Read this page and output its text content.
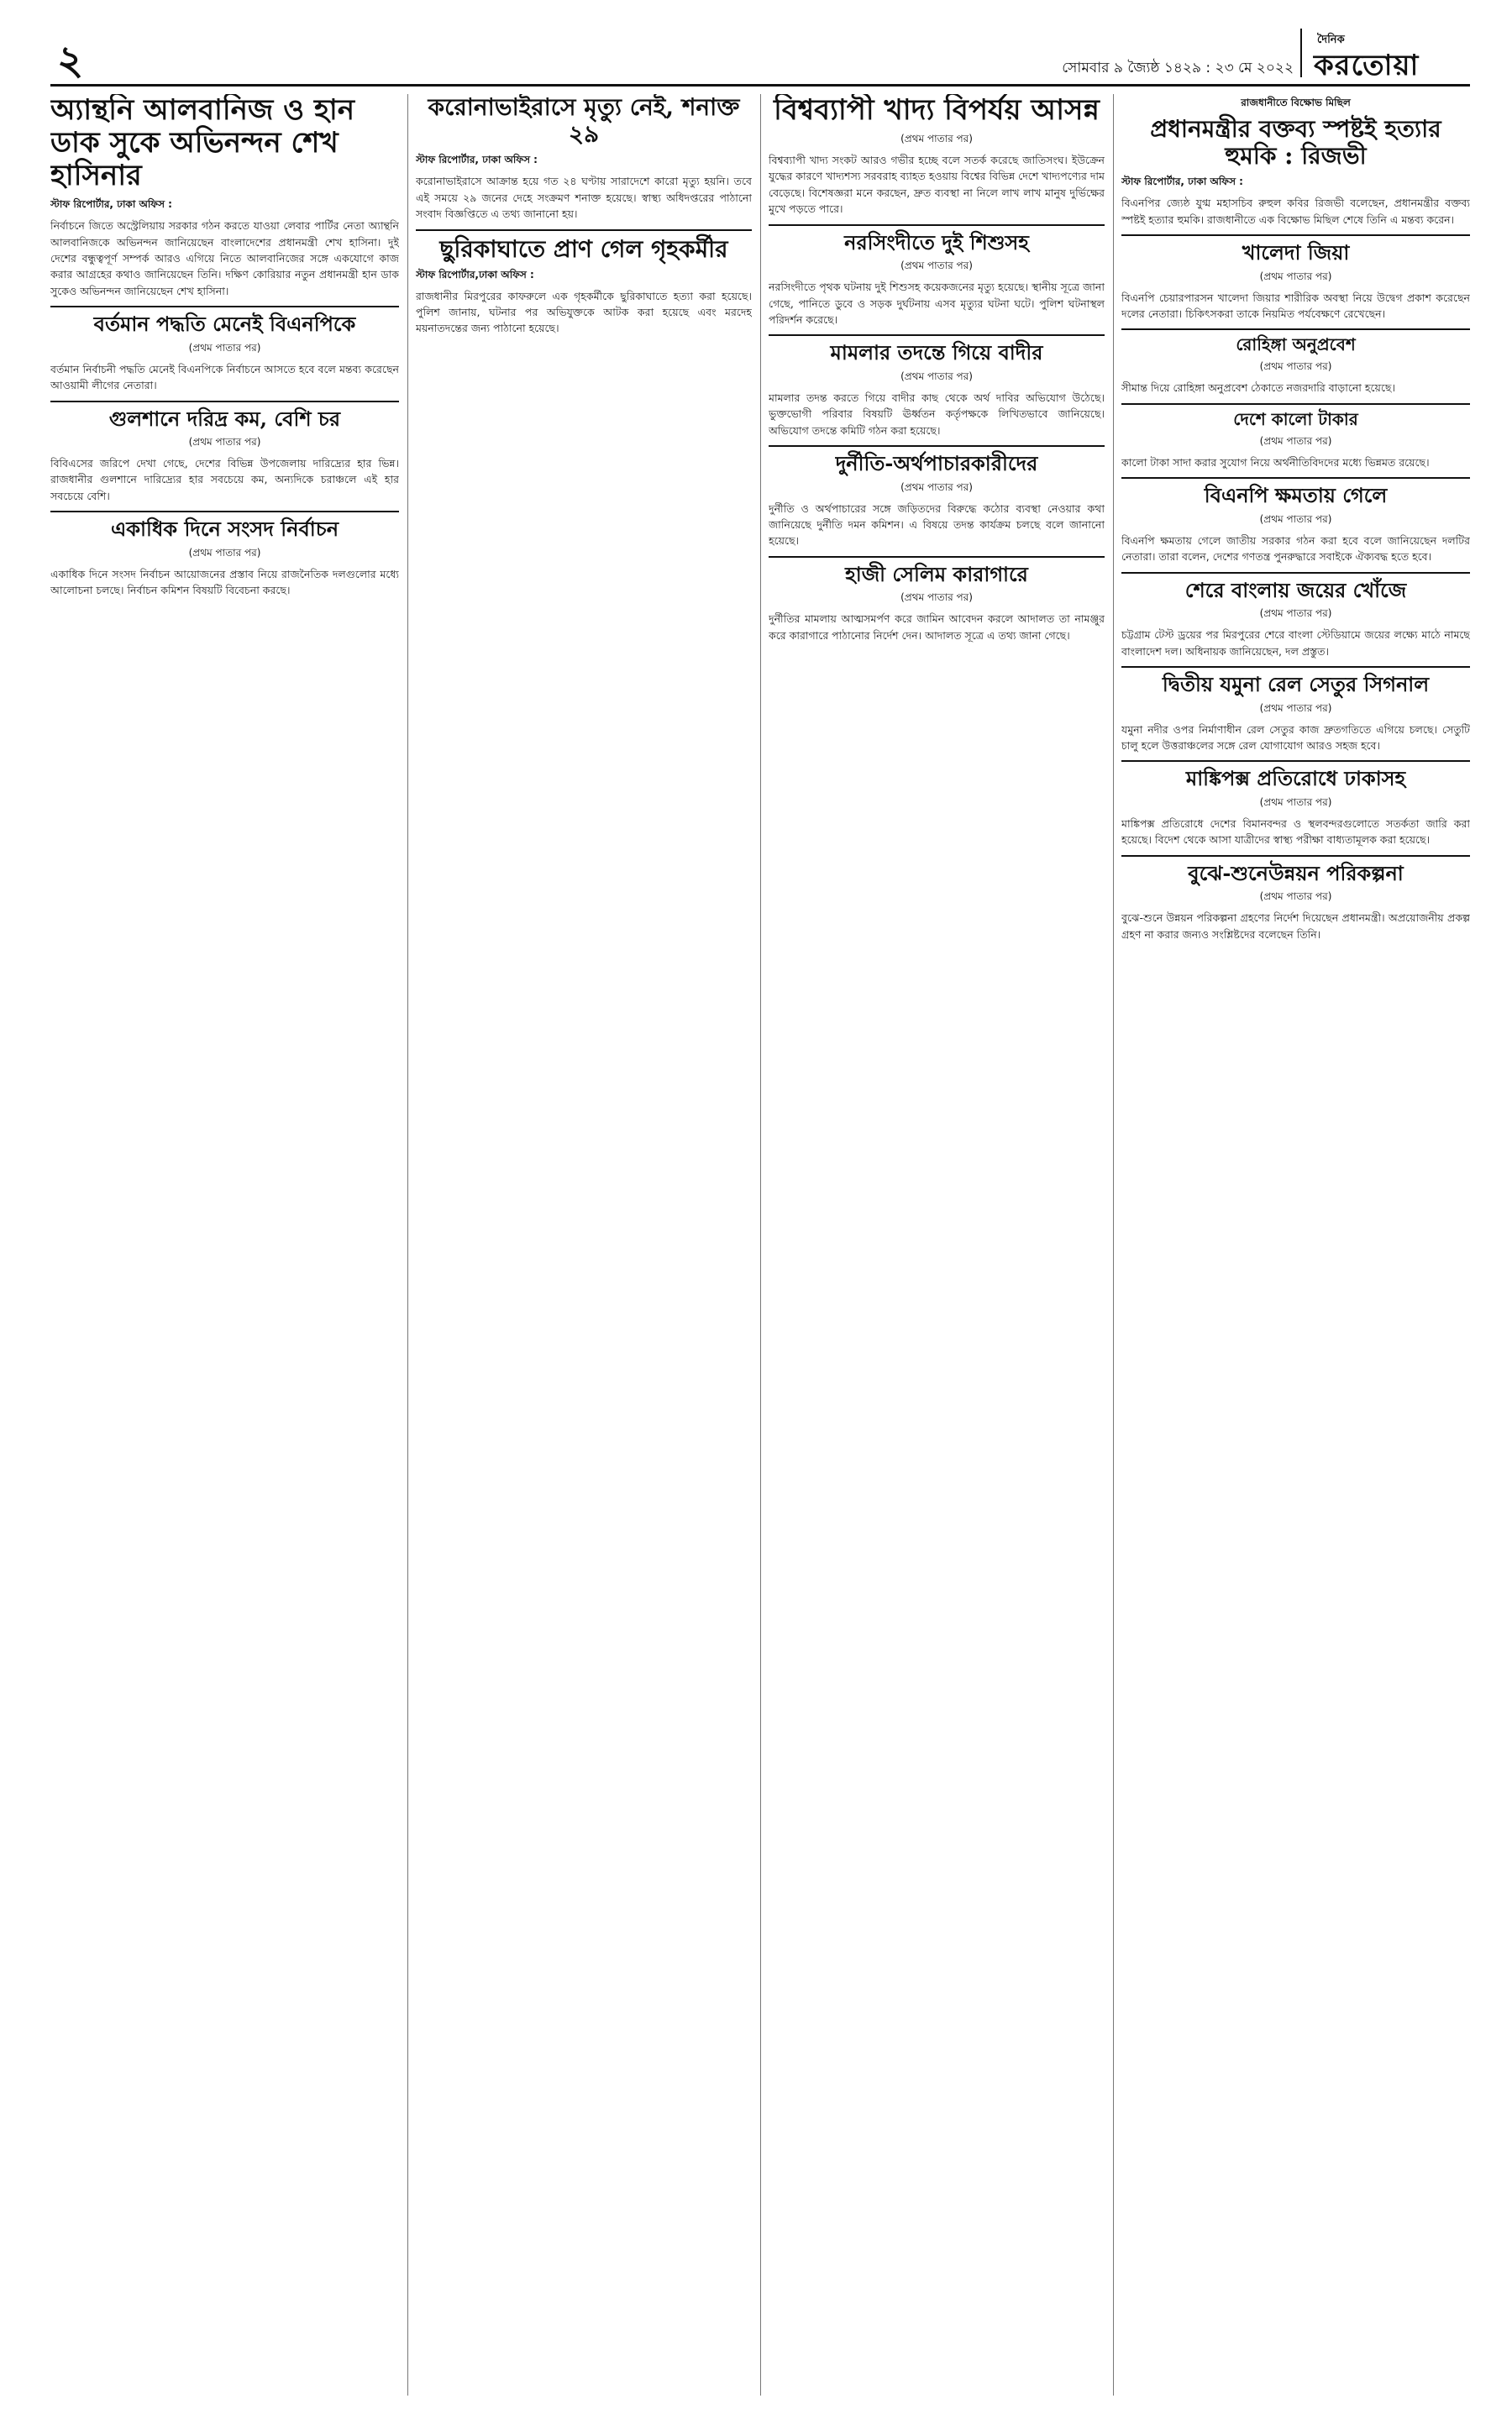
২	সোমবার ৯ জ্যৈষ্ঠ ১৪২৯ : ২৩ মে ২০২২
দৈনিক
করতোয়া
অ্যান্থনি আলবানিজ ও হান ডাক সুকে অভিনন্দন শেখ হাসিনার
স্টাফ রিপোর্টার, ঢাকা অফিস :

নির্বাচনে জিতে অস্ট্রেলিয়ায় সরকার গঠন করতে যাওয়া লেবার পার্টির নেতা অ্যান্থনি আলবানিজকে অভিনন্দন জানিয়েছেন বাংলাদেশের প্রধানমন্ত্রী শেখ হাসিনা। দুই দেশের বন্ধুত্বপূর্ণ সম্পর্ক আরও এগিয়ে নিতে আলবানিজের সঙ্গে একযোগে কাজ করার আগ্রহের কথাও জানিয়েছেন তিনি। দক্ষিণ কোরিয়ার নতুন প্রধানমন্ত্রী হান ডাক সুকেও অভিনন্দন জানিয়েছেন শেখ হাসিনা।

বর্তমান পদ্ধতি মেনেই বিএনপিকে
(প্রথম পাতার পর)

বর্তমান নির্বাচনী পদ্ধতি মেনেই বিএনপিকে নির্বাচনে আসতে হবে বলে মন্তব্য করেছেন আওয়ামী লীগের নেতারা।

গুলশানে দরিদ্র কম, বেশি চর
(প্রথম পাতার পর)

বিবিএসের জরিপে দেখা গেছে, দেশের বিভিন্ন উপজেলায় দারিদ্র্যের হার ভিন্ন। রাজধানীর গুলশানে দারিদ্র্যের হার সবচেয়ে কম, অন্যদিকে চরাঞ্চলে এই হার সবচেয়ে বেশি।

একাধিক দিনে সংসদ নির্বাচন
(প্রথম পাতার পর)

একাধিক দিনে সংসদ নির্বাচন আয়োজনের প্রস্তাব নিয়ে রাজনৈতিক দলগুলোর মধ্যে আলোচনা চলছে। নির্বাচন কমিশন বিষয়টি বিবেচনা করছে।

করোনাভাইরাসে মৃত্যু নেই, শনাক্ত ২৯
স্টাফ রিপোর্টার, ঢাকা অফিস :

করোনাভাইরাসে আক্রান্ত হয়ে গত ২৪ ঘণ্টায় সারাদেশে কারো মৃত্যু হয়নি। তবে এই সময়ে ২৯ জনের দেহে সংক্রমণ শনাক্ত হয়েছে। স্বাস্থ্য অধিদপ্তরের পাঠানো সংবাদ বিজ্ঞপ্তিতে এ তথ্য জানানো হয়।

ছুরিকাঘাতে প্রাণ গেল গৃহকর্মীর
স্টাফ রিপোর্টার,ঢাকা অফিস :

রাজধানীর মিরপুরের কাফরুলে এক গৃহকর্মীকে ছুরিকাঘাতে হত্যা করা হয়েছে। পুলিশ জানায়, ঘটনার পর অভিযুক্তকে আটক করা হয়েছে এবং মরদেহ ময়নাতদন্তের জন্য পাঠানো হয়েছে।

বিশ্বব্যাপী খাদ্য বিপর্যয় আসন্ন
(প্রথম পাতার পর)

বিশ্বব্যাপী খাদ্য সংকট আরও গভীর হচ্ছে বলে সতর্ক করেছে জাতিসংঘ। ইউক্রেন যুদ্ধের কারণে খাদ্যশস্য সরবরাহ ব্যাহত হওয়ায় বিশ্বের বিভিন্ন দেশে খাদ্যপণ্যের দাম বেড়েছে। বিশেষজ্ঞরা মনে করছেন, দ্রুত ব্যবস্থা না নিলে লাখ লাখ মানুষ দুর্ভিক্ষের মুখে পড়তে পারে।

নরসিংদীতে দুই শিশুসহ
(প্রথম পাতার পর)

নরসিংদীতে পৃথক ঘটনায় দুই শিশুসহ কয়েকজনের মৃত্যু হয়েছে। স্থানীয় সূত্রে জানা গেছে, পানিতে ডুবে ও সড়ক দুর্ঘটনায় এসব মৃত্যুর ঘটনা ঘটে। পুলিশ ঘটনাস্থল পরিদর্শন করেছে।

মামলার তদন্তে গিয়ে বাদীর
(প্রথম পাতার পর)

মামলার তদন্ত করতে গিয়ে বাদীর কাছ থেকে অর্থ দাবির অভিযোগ উঠেছে। ভুক্তভোগী পরিবার বিষয়টি ঊর্ধ্বতন কর্তৃপক্ষকে লিখিতভাবে জানিয়েছে। অভিযোগ তদন্তে কমিটি গঠন করা হয়েছে।

দুর্নীতি-অর্থপাচারকারীদের
(প্রথম পাতার পর)

দুর্নীতি ও অর্থপাচারের সঙ্গে জড়িতদের বিরুদ্ধে কঠোর ব্যবস্থা নেওয়ার কথা জানিয়েছে দুর্নীতি দমন কমিশন। এ বিষয়ে তদন্ত কার্যক্রম চলছে বলে জানানো হয়েছে।

হাজী সেলিম কারাগারে
(প্রথম পাতার পর)

দুর্নীতির মামলায় আত্মসমর্পণ করে জামিন আবেদন করলে আদালত তা নামঞ্জুর করে কারাগারে পাঠানোর নির্দেশ দেন। আদালত সূত্রে এ তথ্য জানা গেছে।

রাজধানীতে বিক্ষোভ মিছিল
প্রধানমন্ত্রীর বক্তব্য স্পষ্টই হত্যার হুমকি : রিজভী
স্টাফ রিপোর্টার, ঢাকা অফিস :

বিএনপির জ্যেষ্ঠ যুগ্ম মহাসচিব রুহুল কবির রিজভী বলেছেন, প্রধানমন্ত্রীর বক্তব্য স্পষ্টই হত্যার হুমকি। রাজধানীতে এক বিক্ষোভ মিছিল শেষে তিনি এ মন্তব্য করেন।

খালেদা জিয়া
(প্রথম পাতার পর)

বিএনপি চেয়ারপারসন খালেদা জিয়ার শারীরিক অবস্থা নিয়ে উদ্বেগ প্রকাশ করেছেন দলের নেতারা। চিকিৎসকরা তাকে নিয়মিত পর্যবেক্ষণে রেখেছেন।

রোহিঙ্গা অনুপ্রবেশ
(প্রথম পাতার পর)

সীমান্ত দিয়ে রোহিঙ্গা অনুপ্রবেশ ঠেকাতে নজরদারি বাড়ানো হয়েছে।

দেশে কালো টাকার
(প্রথম পাতার পর)

কালো টাকা সাদা করার সুযোগ নিয়ে অর্থনীতিবিদদের মধ্যে ভিন্নমত রয়েছে।

বিএনপি ক্ষমতায় গেলে
(প্রথম পাতার পর)

বিএনপি ক্ষমতায় গেলে জাতীয় সরকার গঠন করা হবে বলে জানিয়েছেন দলটির নেতারা। তারা বলেন, দেশের গণতন্ত্র পুনরুদ্ধারে সবাইকে ঐক্যবদ্ধ হতে হবে।

শেরে বাংলায় জয়ের খোঁজে
(প্রথম পাতার পর)

চট্টগ্রাম টেস্ট ড্রয়ের পর মিরপুরের শেরে বাংলা স্টেডিয়ামে জয়ের লক্ষ্যে মাঠে নামছে বাংলাদেশ দল। অধিনায়ক জানিয়েছেন, দল প্রস্তুত।

দ্বিতীয় যমুনা রেল সেতুর সিগনাল
(প্রথম পাতার পর)

যমুনা নদীর ওপর নির্মাণাধীন রেল সেতুর কাজ দ্রুতগতিতে এগিয়ে চলছে। সেতুটি চালু হলে উত্তরাঞ্চলের সঙ্গে রেল যোগাযোগ আরও সহজ হবে।

মাঙ্কিপক্স প্রতিরোধে ঢাকাসহ
(প্রথম পাতার পর)

মাঙ্কিপক্স প্রতিরোধে দেশের বিমানবন্দর ও স্থলবন্দরগুলোতে সতর্কতা জারি করা হয়েছে। বিদেশ থেকে আসা যাত্রীদের স্বাস্থ্য পরীক্ষা বাধ্যতামূলক করা হয়েছে।

বুঝে-শুনেউন্নয়ন পরিকল্পনা
(প্রথম পাতার পর)

বুঝে-শুনে উন্নয়ন পরিকল্পনা গ্রহণের নির্দেশ দিয়েছেন প্রধানমন্ত্রী। অপ্রয়োজনীয় প্রকল্প গ্রহণ না করার জন্যও সংশ্লিষ্টদের বলেছেন তিনি।
